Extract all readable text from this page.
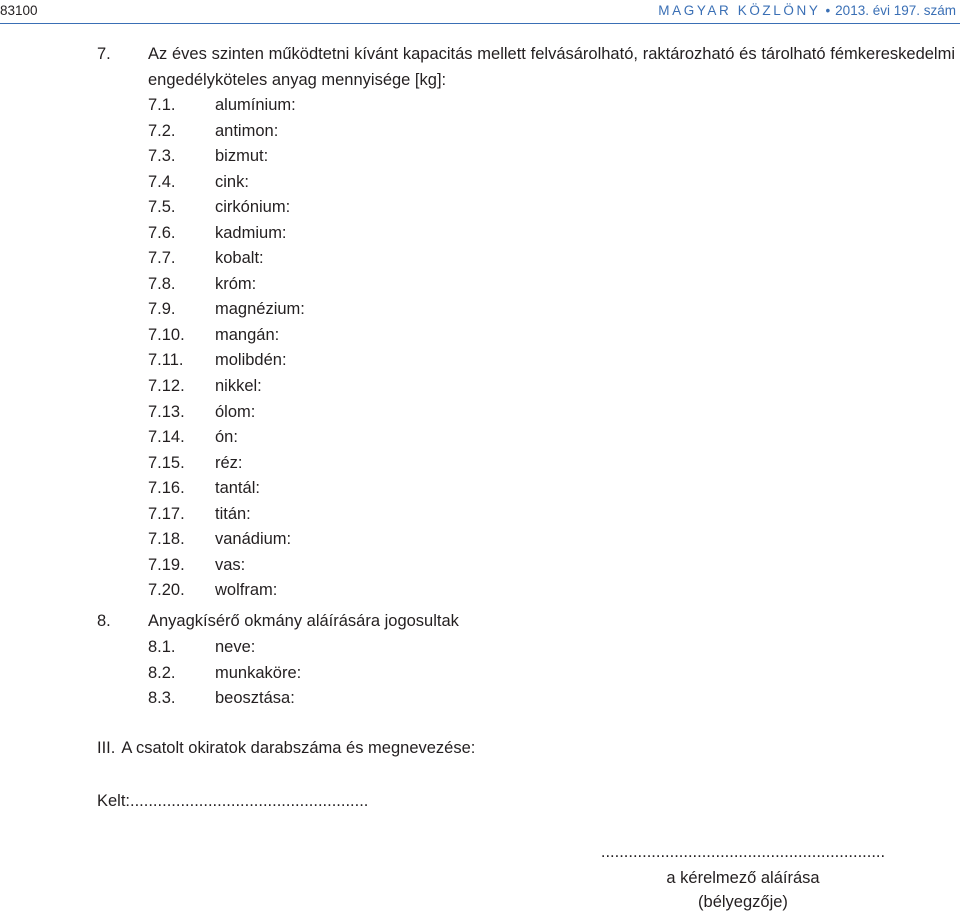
83100	MAGYAR KÖZLÖNY • 2013. évi 197. szám
7. Az éves szinten működtetni kívánt kapacitás mellett felvásárolható, raktározható és tárolható fémkereskedelmi engedélyköteles anyag mennyisége [kg]:
7.1. alumínium:
7.2. antimon:
7.3. bizmut:
7.4. cink:
7.5. cirkónium:
7.6. kadmium:
7.7. kobalt:
7.8. króm:
7.9. magnézium:
7.10. mangán:
7.11. molibdén:
7.12. nikkel:
7.13. ólom:
7.14. ón:
7.15. réz:
7.16. tantál:
7.17. titán:
7.18. vanádium:
7.19. vas:
7.20. wolfram:
8. Anyagkísérő okmány aláírására jogosultak
8.1. neve:
8.2. munkaköre:
8.3. beosztása:
III. A csatolt okiratok darabszáma és megnevezése:
Kelt:....................................................
..............................................................
a kérelmező aláírása
(bélyegzője)
